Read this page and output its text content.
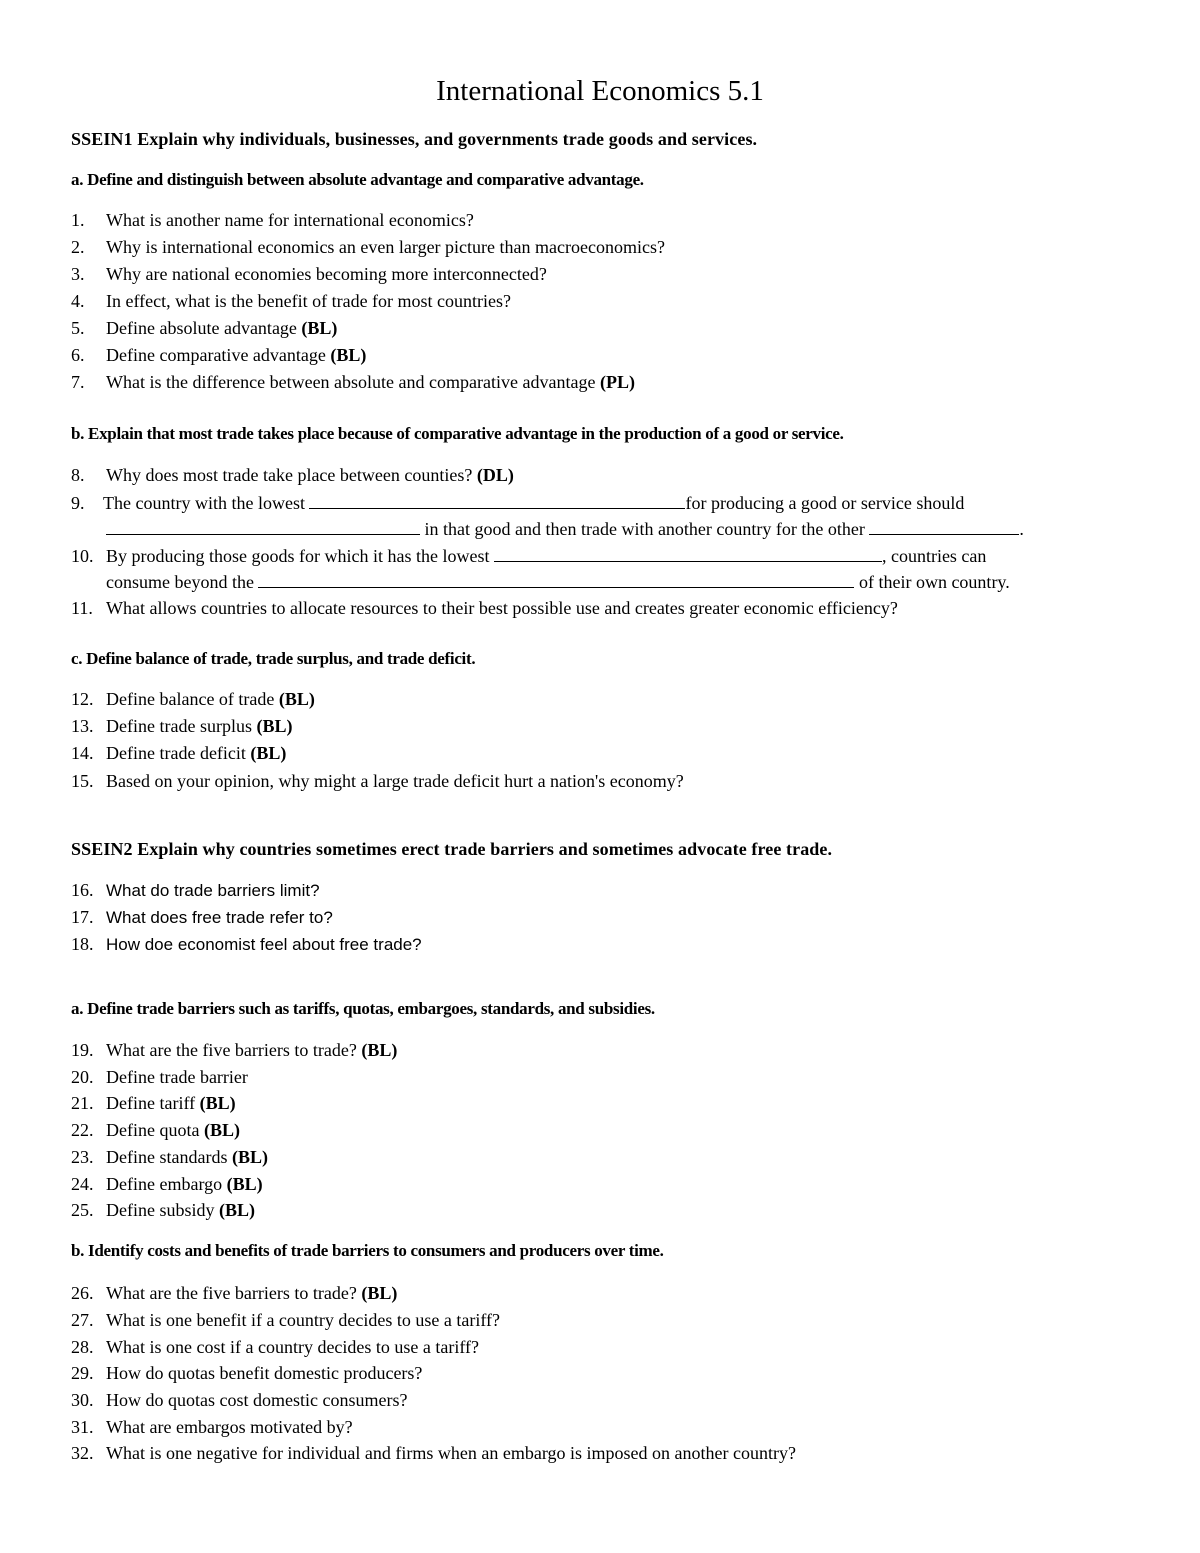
International Economics 5.1
SSEIN1 Explain why individuals, businesses, and governments trade goods and services.
a. Define and distinguish between absolute advantage and comparative advantage.
1. What is another name for international economics?
2. Why is international economics an even larger picture than macroeconomics?
3. Why are national economies becoming more interconnected?
4. In effect, what is the benefit of trade for most countries?
5. Define absolute advantage (BL)
6. Define comparative advantage (BL)
7. What is the difference between absolute and comparative advantage (PL)
b. Explain that most trade takes place because of comparative advantage in the production of a good or service.
8. Why does most trade take place between counties? (DL)
9. The country with the lowest	for producing a good or service should
in that good and then trade with another country for the other	.
10. By producing those goods for which it has the lowest	, countries can
consume beyond the	of their own country.
11. What allows countries to allocate resources to their best possible use and creates greater economic efficiency?
c. Define balance of trade, trade surplus, and trade deficit.
12. Define balance of trade (BL)
13. Define trade surplus (BL)
14. Define trade deficit (BL)
15. Based on your opinion, why might a large trade deficit hurt a nation's economy?
SSEIN2 Explain why countries sometimes erect trade barriers and sometimes advocate free trade.
16. What do trade barriers limit?
17. What does free trade refer to?
18. How doe economist feel about free trade?
a. Define trade barriers such as tariffs, quotas, embargoes, standards, and subsidies.
19. What are the five barriers to trade? (BL)
20. Define trade barrier
21. Define tariff (BL)
22. Define quota (BL)
23. Define standards (BL)
24. Define embargo (BL)
25. Define subsidy (BL)
b. Identify costs and benefits of trade barriers to consumers and producers over time.
26. What are the five barriers to trade? (BL)
27. What is one benefit if a country decides to use a tariff?
28. What is one cost if a country decides to use a tariff?
29. How do quotas benefit domestic producers?
30. How do quotas cost domestic consumers?
31. What are embargos motivated by?
32. What is one negative for individual and firms when an embargo is imposed on another country?
